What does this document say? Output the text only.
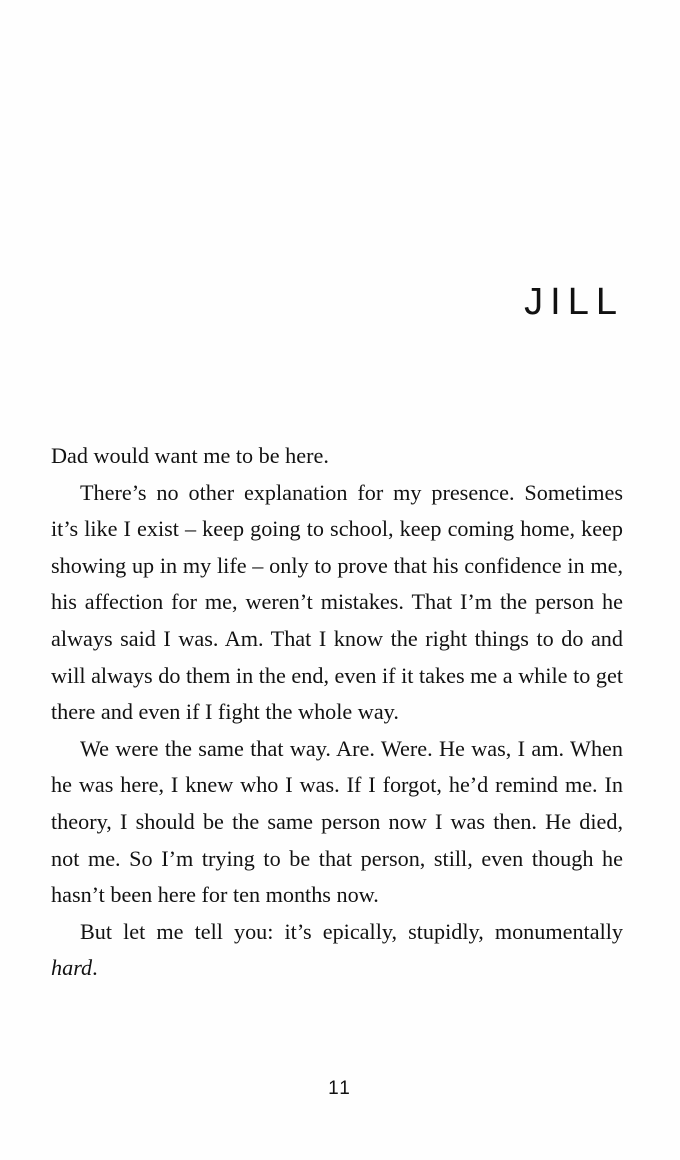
JILL

Dad would want me to be here.

There’s no other explanation for my presence. Sometimes it’s like I exist – keep going to school, keep coming home, keep showing up in my life – only to prove that his confidence in me, his affection for me, weren’t mistakes. That I’m the person he always said I was. Am. That I know the right things to do and will always do them in the end, even if it takes me a while to get there and even if I fight the whole way.

We were the same that way. Are. Were. He was, I am. When he was here, I knew who I was. If I forgot, he’d remind me. In theory, I should be the same person now I was then. He died, not me. So I’m trying to be that person, still, even though he hasn’t been here for ten months now.

But let me tell you: it’s epically, stupidly, monumentally hard.

11
